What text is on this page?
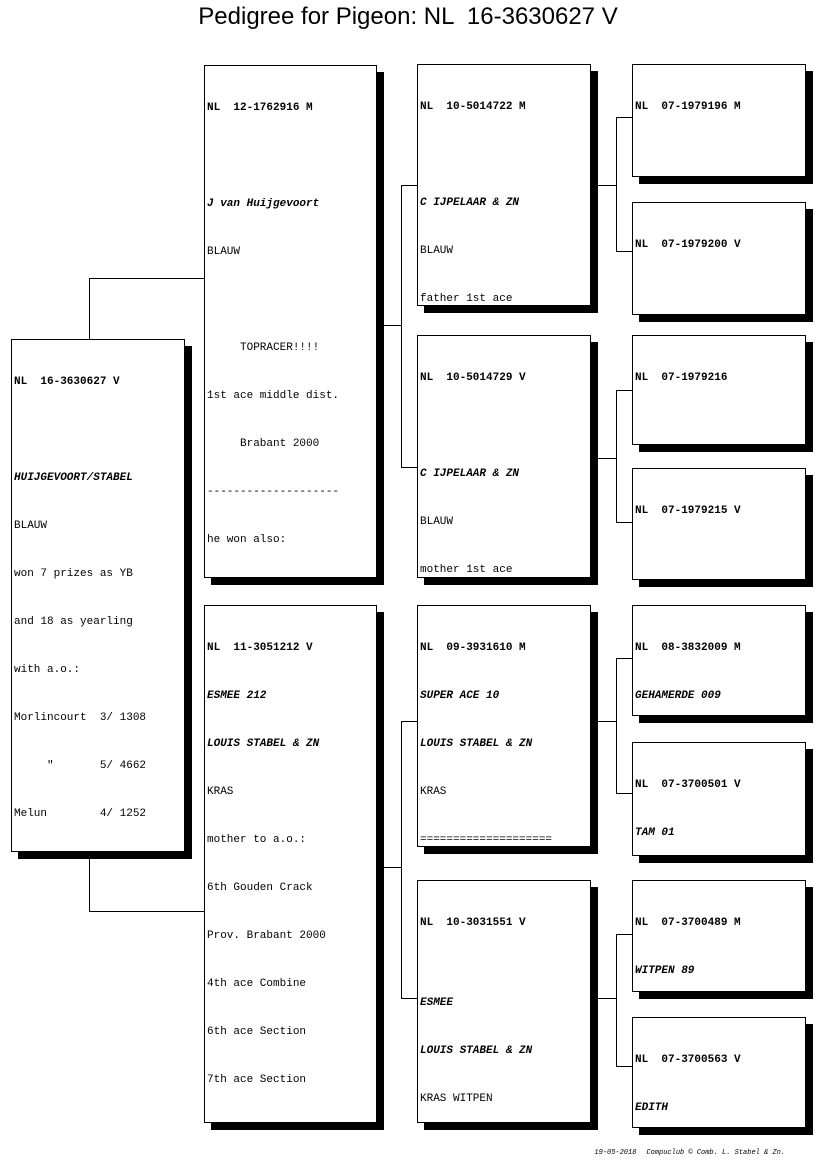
Pedigree for Pigeon: NL  16-3630627 V

NL  16-3630627 V

HUIJGEVOORT/STABEL

BLAUW

won 7 prizes as YB

and 18 as yearling

with a.o.:

Morlincourt  3/ 1308

"       5/ 4662

Melun        4/ 1252

NL  12-1762916 M

J van Huijgevoort

BLAUW

TOPRACER!!!!

1st ace middle dist.

Brabant 2000

--------------------

he won also:

NL  11-3051212 V

ESMEE 212

LOUIS STABEL & ZN

KRAS

mother to a.o.:

6th Gouden Crack

Prov. Brabant 2000

4th ace Combine

6th ace Section

7th ace Section

NL  10-5014722 M

C IJPELAAR & ZN

BLAUW

father 1st ace

NL  10-5014729 V

C IJPELAAR & ZN

BLAUW

mother 1st ace

NL  09-3931610 M

SUPER ACE 10

LOUIS STABEL & ZN

KRAS

====================

NL  10-3031551 V

ESMEE

LOUIS STABEL & ZN

KRAS WITPEN

NL  07-1979196 M

NL  07-1979200 V

NL  07-1979216

NL  07-1979215 V

NL  08-3832009 M

GEHAMERDE 009

NL  07-3700501 V

TAM 01

NL  07-3700489 M

WITPEN 89

NL  07-3700563 V

EDITH

19-05-2018 Compuclub © Comb. L. Stabel & Zn.
